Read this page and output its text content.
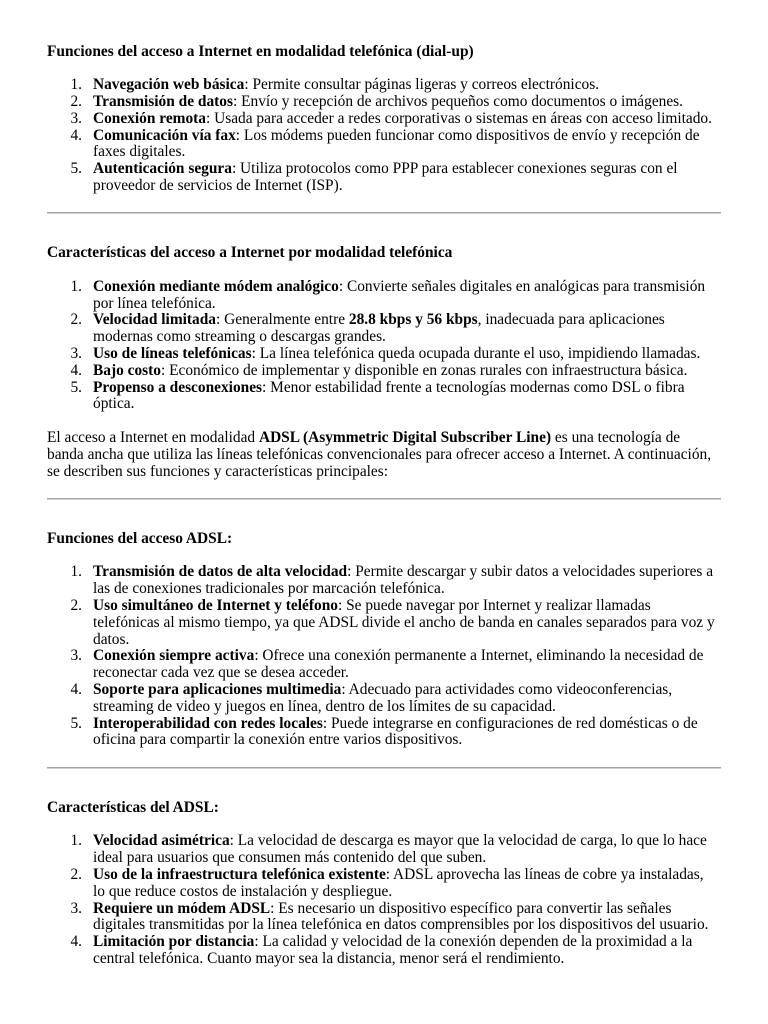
Funciones del acceso a Internet en modalidad telefónica (dial-up)

1. Navegación web básica: Permite consultar páginas ligeras y correos electrónicos.
2. Transmisión de datos: Envío y recepción de archivos pequeños como documentos o imágenes.
3. Conexión remota: Usada para acceder a redes corporativas o sistemas en áreas con acceso limitado.
4. Comunicación vía fax: Los módems pueden funcionar como dispositivos de envío y recepción de faxes digitales.
5. Autenticación segura: Utiliza protocolos como PPP para establecer conexiones seguras con el proveedor de servicios de Internet (ISP).

Características del acceso a Internet por modalidad telefónica

1. Conexión mediante módem analógico: Convierte señales digitales en analógicas para transmisión por línea telefónica.
2. Velocidad limitada: Generalmente entre 28.8 kbps y 56 kbps, inadecuada para aplicaciones modernas como streaming o descargas grandes.
3. Uso de líneas telefónicas: La línea telefónica queda ocupada durante el uso, impidiendo llamadas.
4. Bajo costo: Económico de implementar y disponible en zonas rurales con infraestructura básica.
5. Propenso a desconexiones: Menor estabilidad frente a tecnologías modernas como DSL o fibra óptica.

El acceso a Internet en modalidad ADSL (Asymmetric Digital Subscriber Line) es una tecnología de banda ancha que utiliza las líneas telefónicas convencionales para ofrecer acceso a Internet. A continuación, se describen sus funciones y características principales:

Funciones del acceso ADSL:

1. Transmisión de datos de alta velocidad: Permite descargar y subir datos a velocidades superiores a las de conexiones tradicionales por marcación telefónica.
2. Uso simultáneo de Internet y teléfono: Se puede navegar por Internet y realizar llamadas telefónicas al mismo tiempo, ya que ADSL divide el ancho de banda en canales separados para voz y datos.
3. Conexión siempre activa: Ofrece una conexión permanente a Internet, eliminando la necesidad de reconectar cada vez que se desea acceder.
4. Soporte para aplicaciones multimedia: Adecuado para actividades como videoconferencias, streaming de video y juegos en línea, dentro de los límites de su capacidad.
5. Interoperabilidad con redes locales: Puede integrarse en configuraciones de red domésticas o de oficina para compartir la conexión entre varios dispositivos.

Características del ADSL:

1. Velocidad asimétrica: La velocidad de descarga es mayor que la velocidad de carga, lo que lo hace ideal para usuarios que consumen más contenido del que suben.
2. Uso de la infraestructura telefónica existente: ADSL aprovecha las líneas de cobre ya instaladas, lo que reduce costos de instalación y despliegue.
3. Requiere un módem ADSL: Es necesario un dispositivo específico para convertir las señales digitales transmitidas por la línea telefónica en datos comprensibles por los dispositivos del usuario.
4. Limitación por distancia: La calidad y velocidad de la conexión dependen de la proximidad a la central telefónica. Cuanto mayor sea la distancia, menor será el rendimiento.
